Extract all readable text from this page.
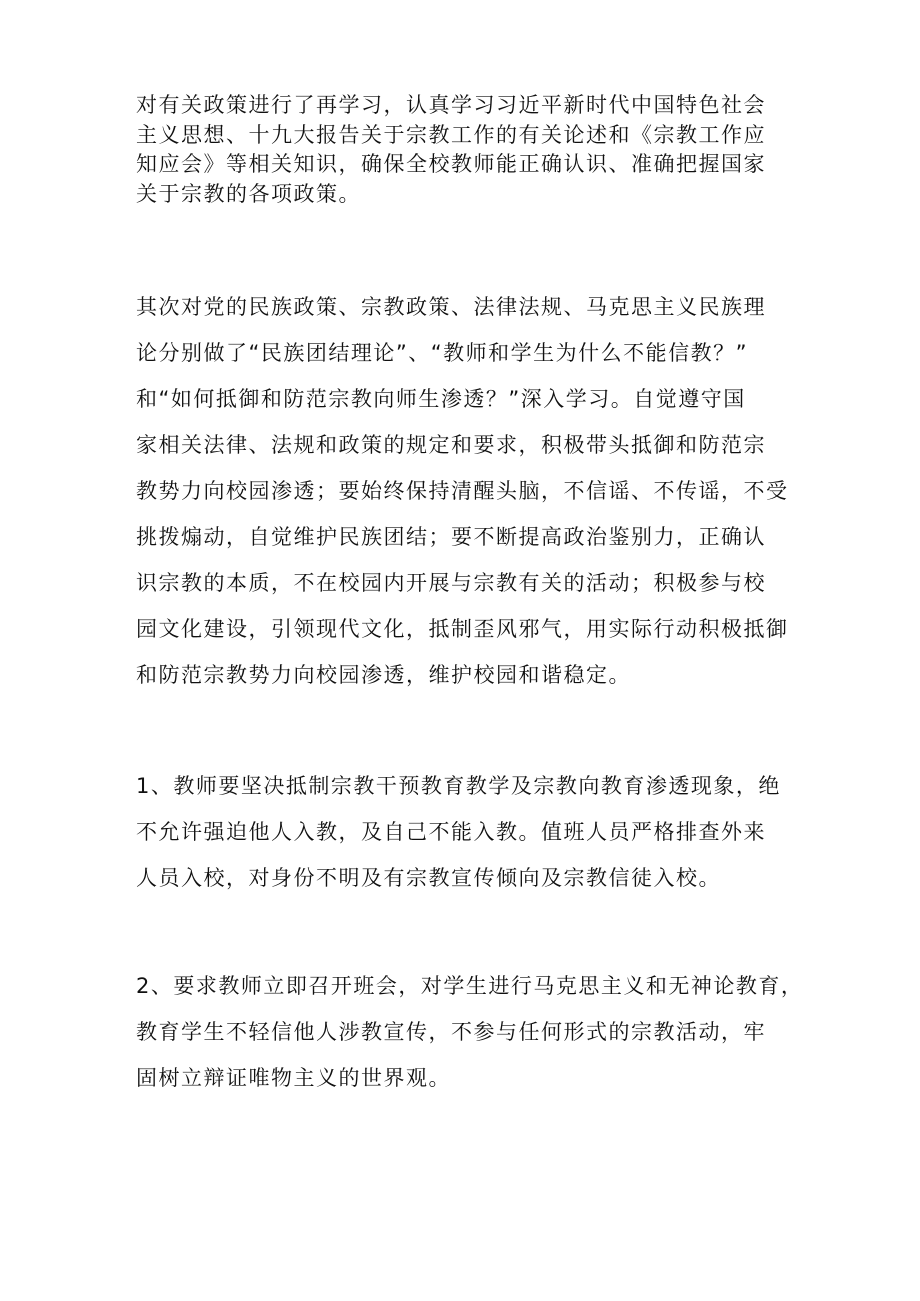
对有关政策进行了再学习，认真学习习近平新时代中国特色社会
主义思想、十九大报告关于宗教工作的有关论述和《宗教工作应
知应会》等相关知识，确保全校教师能正确认识、准确把握国家
关于宗教的各项政策。

其次对党的民族政策、宗教政策、法律法规、马克思主义民族理
论分别做了“民族团结理论”、“教师和学生为什么不能信教？”
和“如何抵御和防范宗教向师生渗透？”深入学习。自觉遵守国
家相关法律、法规和政策的规定和要求，积极带头抵御和防范宗
教势力向校园渗透；要始终保持清醒头脑，不信谣、不传谣，不受
挑拨煽动，自觉维护民族团结；要不断提高政治鉴别力，正确认
识宗教的本质，不在校园内开展与宗教有关的活动；积极参与校
园文化建设，引领现代文化，抵制歪风邪气，用实际行动积极抵御
和防范宗教势力向校园渗透，维护校园和谐稳定。

1、教师要坚决抵制宗教干预教育教学及宗教向教育渗透现象，绝
不允许强迫他人入教，及自己不能入教。值班人员严格排查外来
人员入校，对身份不明及有宗教宣传倾向及宗教信徒入校。

2、要求教师立即召开班会，对学生进行马克思主义和无神论教育，
教育学生不轻信他人涉教宣传，不参与任何形式的宗教活动，牢
固树立辩证唯物主义的世界观。
